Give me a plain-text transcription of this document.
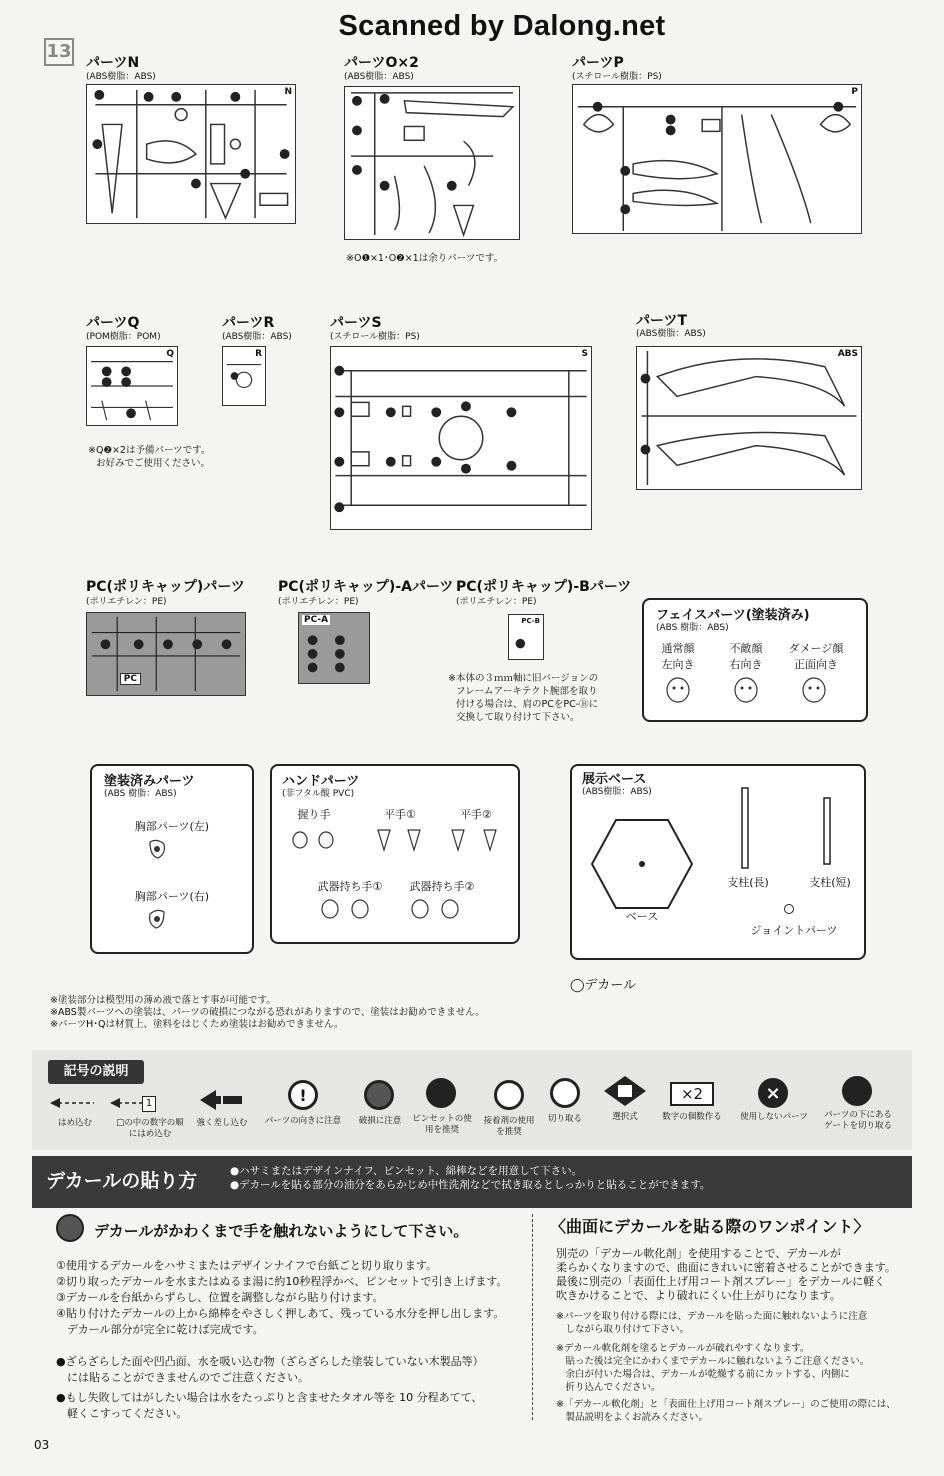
Scanned by Dalong.net
13
パーツN
(ABS樹脂：ABS)
N
パーツO×2
(ABS樹脂：ABS)
※O❶×1･O❷×1は余りパーツです。
パーツP
(スチロール樹脂：PS)
P
パーツQ
(POM樹脂：POM)
Q
※Q❷×2は予備パーツです。
お好みでご使用ください。
パーツR
(ABS樹脂：ABS)
R
パーツS
(スチロール樹脂：PS)
S
パーツT
(ABS樹脂：ABS)
ABS
PC(ポリキャップ)パーツ
(ポリエチレン：PE)
PC
PC(ポリキャップ)-Aパーツ
(ポリエチレン：PE)
PC-A
PC(ポリキャップ)-Bパーツ
(ポリエチレン：PE)
PC-B
※本体の３ｍｍ軸に旧バージョンの
フレームアーキテクト腕部を取り
付ける場合は、肩のPCをPC-Ⓑに
交換して取り付けて下さい。
フェイスパーツ(塗装済み)
(ABS 樹脂：ABS)
通常顔
左向き
不敵顔
右向き
ダメージ顔
正面向き
塗装済みパーツ
(ABS 樹脂：ABS)
胸部パーツ(左)
胸部パーツ(右)
ハンドパーツ
(非フタル酸 PVC)
握り手	平手①	平手②
武器持ち手①	武器持ち手②
展示ベース
(ABS樹脂：ABS)
ベース
支柱(長)	支柱(短)
ジョイントパーツ
◯デカール
※塗装部分は模型用の薄め液で落とす事が可能です。
※ABS製パーツへの塗装は、パーツの破損につながる恐れがありますので、塗装はお勧めできません。
※パーツH･Qは材質上、塗料をはじくため塗装はお勧めできません。
記号の説明
はめ込む
1
□の中の数字の順にはめ込む
強く差し込む
!
パーツの向きに注意	破損に注意	ピンセットの使用を推奨
接着剤の使用を推奨
切り取る	選択式
×2
数字の個数作る
×
使用しないパーツ	パーツの下にあるゲートを切り取る
デカールの貼り方	●ハサミまたはデザインナイフ、ピンセット、綿棒などを用意して下さい。
●デカールを貼る部分の油分をあらかじめ中性洗剤などで拭き取るとしっかりと貼ることができます。
デカールがかわくまで手を触れないようにして下さい。
①使用するデカールをハサミまたはデザインナイフで台紙ごと切り取ります。
②切り取ったデカールを水またはぬるま湯に約10秒程浮かべ、ピンセットで引き上げます。
③デカールを台紙からずらし、位置を調整しながら貼り付けます。
④貼り付けたデカールの上から綿棒をやさしく押しあて、残っている水分を押し出します。
　デカール部分が完全に乾けば完成です。
●ざらざらした面や凹凸面、水を吸い込む物（ざらざらした塗装していない木製品等）
　には貼ることができませんのでご注意ください。
●もし失敗してはがしたい場合は水をたっぷりと含ませたタオル等を 10 分程あてて、
　軽くこすってください。
〈曲面にデカールを貼る際のワンポイント〉
別売の「デカール軟化剤」を使用することで、デカールが
柔らかくなりますので、曲面にきれいに密着させることができます。
最後に別売の「表面仕上げ用コート剤スプレー」をデカールに軽く
吹きかけることで、より破れにくい仕上がりになります。
※パーツを取り付ける際には、デカールを貼った面に触れないように注意
　しながら取り付けて下さい。
※デカール軟化剤を塗るとデカールが破れやすくなります。
　貼った後は完全にかわくまでデカールに触れないようご注意ください。
　余白が付いた場合は、デカールが乾燥する前にカットする、内側に
　折り込んでください。
※「デカール軟化剤」と「表面仕上げ用コート剤スプレー」のご使用の際には、
　製品説明をよくお読みください。
03
